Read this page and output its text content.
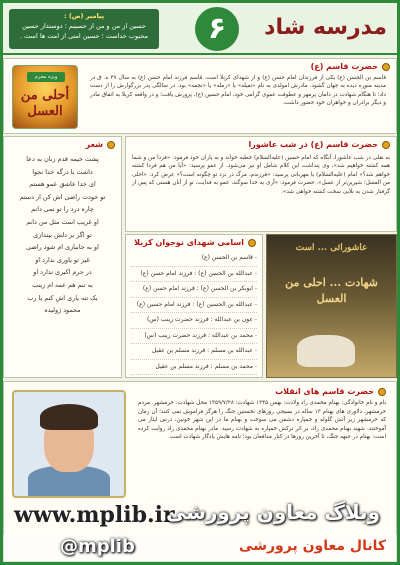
مدرسه شاد
۶
پیامبر (ص) :
حسین از من و من از حسینم ؛ دوستدار حسین محبوب خداست ؛ حسین امتی از امت ها است .
حضرت قاسم (ع)
قاسم بن الحسن (ع) یکی از فرزندان امام حسن (ع) و از شهدای کربلا است. قاسم فرزند امام حسن (ع) به سال ۴۷ ه. ق در مدینه منوره دیده به جهان گشود. مادرش امولدی به نام «نفیله» یا «رمله» یا «نجمه» بود. در سالگی پدر بزرگوارش را از دست داد؛ تا هنگام شهادت در دامان پرمهر و عطوفت عموی گرامی خود، امام حسین (ع)، پرورش یافت؛ و در واقعه کربلا به اتفاق مادر و دیگر برادران و خواهران خود حضور داشت.
ویژه محرم
أحلی من العسل
حضرت قاسم (ع) در شب عاشورا
به نقلی در شب عاشورا، آنگاه که امام حسین (علیه‌السلام) خطبه خواند و به یاران خود فرمود: «فردا من و شما همه کشته خواهیم شد»، وی پنداشت این کلام شامل او نیز می‌شود. از عمو پرسید: «آیا من هم فردا کشته خواهم شد؟» امام (علیه‌السلام) با مهربانی پرسید: «فرزندم، مرگ در نزد تو چگونه است؟» عرض کرد: «احلی من العسل؛ شیرین‌تر از عسل». حضرت فرمود: «آری به خدا سوگند، عمو به فدایت، تو از آنان هستی که پس از گرفتار شدن به بلایی سخت کشته خواهی شد».
شعر
پشت خیمه قدم زنان به دعا
داشت با درگه خدا نجوا
ای خدا عاشق عمو هستم
تو خودت راضی اش کن از دستم
چاره درد را تو نمی دانم
او غریب است مثل من دانم
تو اگر بر دلش بیندازی
او به جانبازی ام شود راضی
غیر تو یاوری ندارد او
در حرم اکبری ندارد او
به تنم هم عمه ام زینب
یک تنه یاری اش کنم یا رب
محمود ژولیده
اسامی شهدای نوجوان کربلا
- قاسم بن الحسن (ع)
- عبدالله بن الحسن (ع) : فرزند امام حسن (ع)
- ابوبکر بن الحسن (ع) : فرزند امام حسن (ع)
- عبدالله بن الحسین (ع) : فرزند امام حسین (ع)
- عون بن عبدالله : فرزند حضرت زینب (س)
- محمد بن عبدالله : فرزند حضرت زینب (س)
- عبدالله بن مسلم : فرزند مسلم بن عقیل
- محمد بن مسلم : فرزند مسلم بن عقیل
عاشورائی ... است
شهادت ... احلی من العسل
حضرت قاسم های انقلاب
نام و نام خانوادگی: بهنام محمدی راد ولادت: بهمن ۱۳۴۵ شهادت: ۱۳۵۹/۷/۲۸ محل شهادت: خرمشهر. مردم خرمشهر، دلاوری های بهنام ۱۳ ساله در بسیجی روزهای نخستین جنگ را هرگز فراموش نمی کنند؛ آن زمان که خرمشهر زیر آتش گلوله و خمپاره دشمن می سوخت و بهنام ما در این شهر خونین، درس ایثار می آموختند. شهید بهنام محمدی راد، بر اثر ترکش خمپاره به شهادت رسید. مادر بهنام محمدی راد روایت کرده است: بهنام در جبهه جنگ، تا آخرین روزها در کنار مدافعان بود؛ نامه هایش یادگار شهادت است.
www.mplib.ir
وبلاگ معاون پرورشی
کانال معاون پرورشی
@mplib
